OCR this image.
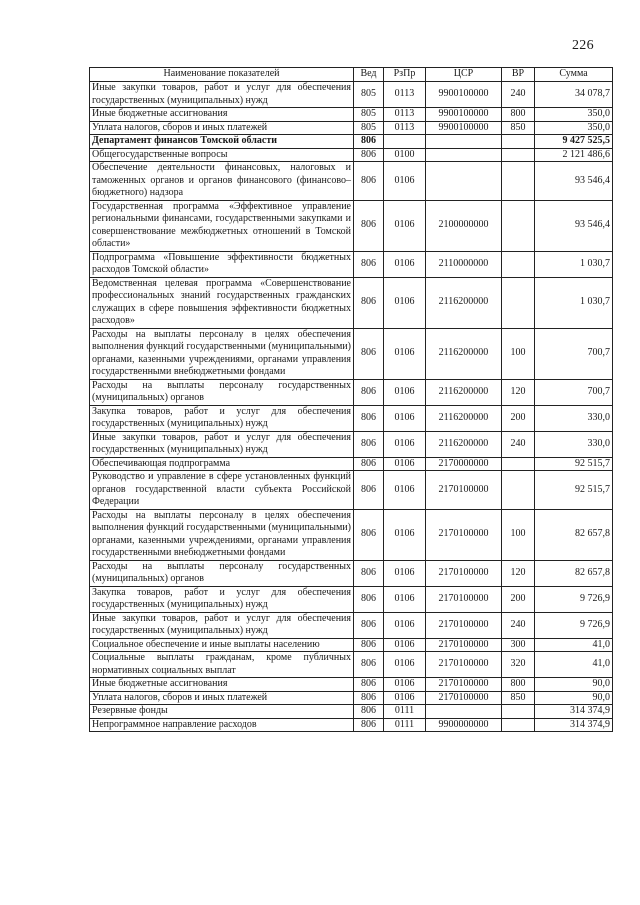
226
Наименование показателей	Вед	РзПр	ЦСР	ВР	Сумма
Иные закупки товаров, работ и услуг для обеспечения государственных (муниципальных) нужд	805	0113	9900100000	240	34 078,7
Иные бюджетные ассигнования	805	0113	9900100000	800	350,0
Уплата налогов, сборов и иных платежей	805	0113	9900100000	850	350,0
Департамент финансов Томской области	806				9 427 525,5
Общегосударственные вопросы	806	0100			2 121 486,6
Обеспечение деятельности финансовых, налоговых и таможенных органов и органов финансового (финансово–бюджетного) надзора	806	0106			93 546,4
Государственная программа «Эффективное управление региональными финансами, государственными закупками и совершенствование межбюджетных отношений в Томской области»	806	0106	2100000000		93 546,4
Подпрограмма «Повышение эффективности бюджетных расходов Томской области»	806	0106	2110000000		1 030,7
Ведомственная целевая программа «Совершенствование профессиональных знаний государственных гражданских служащих в сфере повышения эффективности бюджетных расходов»	806	0106	2116200000		1 030,7
Расходы на выплаты персоналу в целях обеспечения выполнения функций государственными (муниципальными) органами, казенными учреждениями, органами управления государственными внебюджетными фондами	806	0106	2116200000	100	700,7
Расходы на выплаты персоналу государственных (муниципальных) органов	806	0106	2116200000	120	700,7
Закупка товаров, работ и услуг для обеспечения государственных (муниципальных) нужд	806	0106	2116200000	200	330,0
Иные закупки товаров, работ и услуг для обеспечения государственных (муниципальных) нужд	806	0106	2116200000	240	330,0
Обеспечивающая подпрограмма	806	0106	2170000000		92 515,7
Руководство и управление в сфере установленных функций органов государственной власти субъекта Российской Федерации	806	0106	2170100000		92 515,7
Расходы на выплаты персоналу в целях обеспечения выполнения функций государственными (муниципальными) органами, казенными учреждениями, органами управления государственными внебюджетными фондами	806	0106	2170100000	100	82 657,8
Расходы на выплаты персоналу государственных (муниципальных) органов	806	0106	2170100000	120	82 657,8
Закупка товаров, работ и услуг для обеспечения государственных (муниципальных) нужд	806	0106	2170100000	200	9 726,9
Иные закупки товаров, работ и услуг для обеспечения государственных (муниципальных) нужд	806	0106	2170100000	240	9 726,9
Социальное обеспечение и иные выплаты населению	806	0106	2170100000	300	41,0
Социальные выплаты гражданам, кроме публичных нормативных социальных выплат	806	0106	2170100000	320	41,0
Иные бюджетные ассигнования	806	0106	2170100000	800	90,0
Уплата налогов, сборов и иных платежей	806	0106	2170100000	850	90,0
Резервные фонды	806	0111			314 374,9
Непрограммное направление расходов	806	0111	9900000000		314 374,9
